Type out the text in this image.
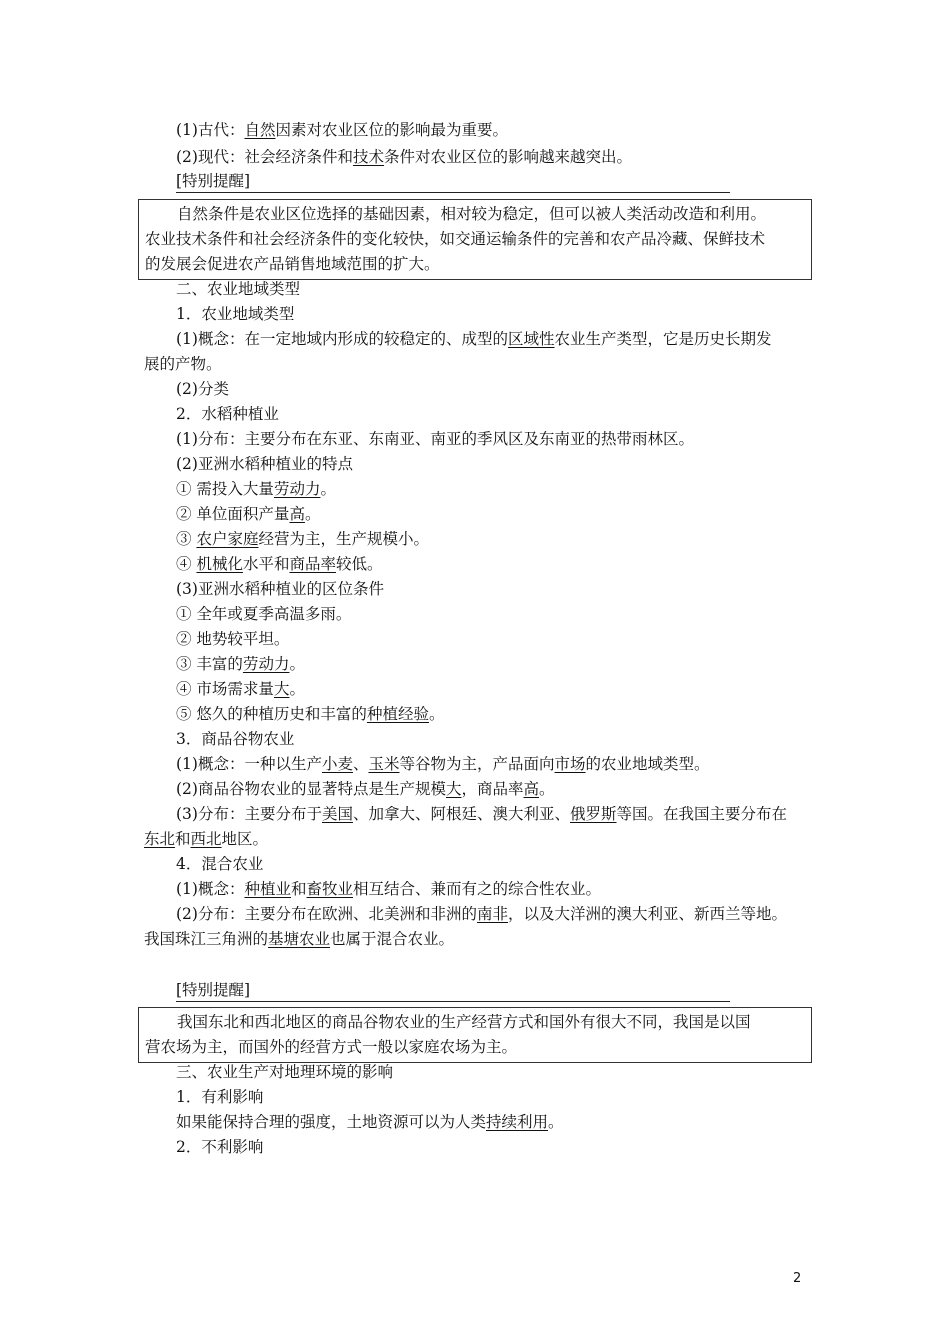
(1)古代：自然因素对农业区位的影响最为重要。
(2)现代：社会经济条件和技术条件对农业区位的影响越来越突出。
[特别提醒]
自然条件是农业区位选择的基础因素，相对较为稳定，但可以被人类活动改造和利用。
农业技术条件和社会经济条件的变化较快，如交通运输条件的完善和农产品冷藏、保鲜技术
的发展会促进农产品销售地域范围的扩大。
二、农业地域类型
1．农业地域类型
(1)概念：在一定地域内形成的较稳定的、成型的区域性农业生产类型，它是历史长期发
展的产物。
(2)分类
2．水稻种植业
(1)分布：主要分布在东亚、东南亚、南亚的季风区及东南亚的热带雨林区。
(2)亚洲水稻种植业的特点
① 需投入大量劳动力。
② 单位面积产量高。
③ 农户家庭经营为主，生产规模小。
④ 机械化水平和商品率较低。
(3)亚洲水稻种植业的区位条件
① 全年或夏季高温多雨。
② 地势较平坦。
③ 丰富的劳动力。
④ 市场需求量大。
⑤ 悠久的种植历史和丰富的种植经验。
3．商品谷物农业
(1)概念：一种以生产小麦、玉米等谷物为主，产品面向市场的农业地域类型。
(2)商品谷物农业的显著特点是生产规模大，商品率高。
(3)分布：主要分布于美国、加拿大、阿根廷、澳大利亚、俄罗斯等国。在我国主要分布在
东北和西北地区。
4．混合农业
(1)概念：种植业和畜牧业相互结合、兼而有之的综合性农业。
(2)分布：主要分布在欧洲、北美洲和非洲的南非，以及大洋洲的澳大利亚、新西兰等地。
我国珠江三角洲的基塘农业也属于混合农业。
[特别提醒]
我国东北和西北地区的商品谷物农业的生产经营方式和国外有很大不同，我国是以国
营农场为主，而国外的经营方式一般以家庭农场为主。
三、农业生产对地理环境的影响
1．有利影响
如果能保持合理的强度，土地资源可以为人类持续利用。
2．不利影响
2
